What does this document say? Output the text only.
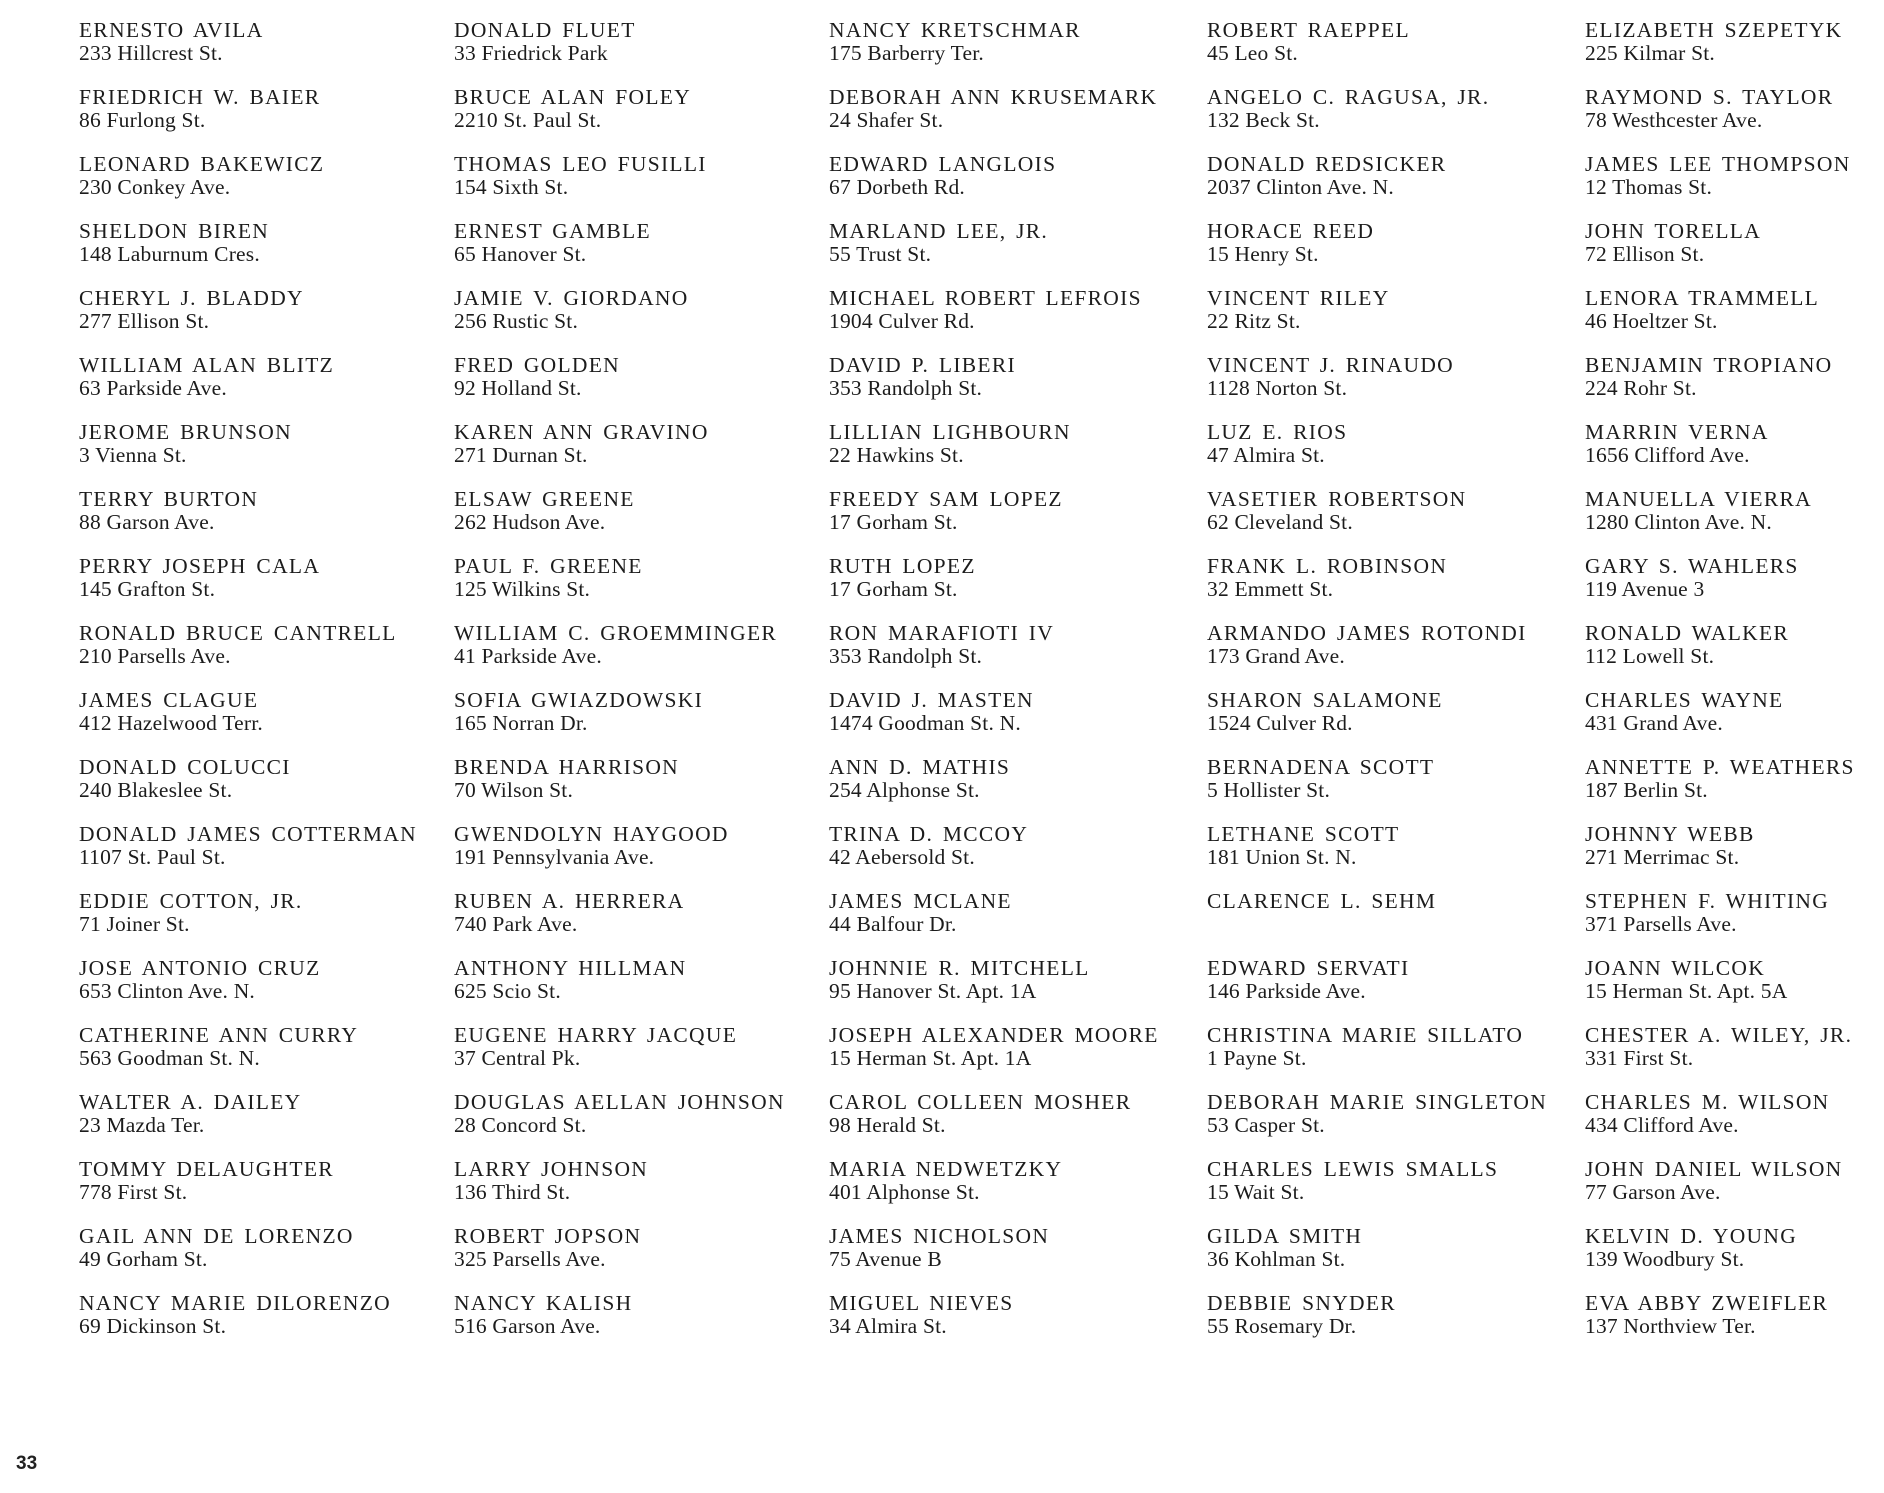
ERNESTO AVILA
233 Hillcrest St.
FRIEDRICH W. BAIER
86 Furlong St.
LEONARD BAKEWICZ
230 Conkey Ave.
SHELDON BIREN
148 Laburnum Cres.
CHERYL J. BLADDY
277 Ellison St.
WILLIAM ALAN BLITZ
63 Parkside Ave.
JEROME BRUNSON
3 Vienna St.
TERRY BURTON
88 Garson Ave.
PERRY JOSEPH CALA
145 Grafton St.
RONALD BRUCE CANTRELL
210 Parsells Ave.
JAMES CLAGUE
412 Hazelwood Terr.
DONALD COLUCCI
240 Blakeslee St.
DONALD JAMES COTTERMAN
1107 St. Paul St.
EDDIE COTTON, JR.
71 Joiner St.
JOSE ANTONIO CRUZ
653 Clinton Ave. N.
CATHERINE ANN CURRY
563 Goodman St. N.
WALTER A. DAILEY
23 Mazda Ter.
TOMMY DELAUGHTER
778 First St.
GAIL ANN DE LORENZO
49 Gorham St.
NANCY MARIE DILORENZO
69 Dickinson St.
DONALD FLUET
33 Friedrick Park
BRUCE ALAN FOLEY
2210 St. Paul St.
THOMAS LEO FUSILLI
154 Sixth St.
ERNEST GAMBLE
65 Hanover St.
JAMIE V. GIORDANO
256 Rustic St.
FRED GOLDEN
92 Holland St.
KAREN ANN GRAVINO
271 Durnan St.
ELSAW GREENE
262 Hudson Ave.
PAUL F. GREENE
125 Wilkins St.
WILLIAM C. GROEMMINGER
41 Parkside Ave.
SOFIA GWIAZDOWSKI
165 Norran Dr.
BRENDA HARRISON
70 Wilson St.
GWENDOLYN HAYGOOD
191 Pennsylvania Ave.
RUBEN A. HERRERA
740 Park Ave.
ANTHONY HILLMAN
625 Scio St.
EUGENE HARRY JACQUE
37 Central Pk.
DOUGLAS AELLAN JOHNSON
28 Concord St.
LARRY JOHNSON
136 Third St.
ROBERT JOPSON
325 Parsells Ave.
NANCY KALISH
516 Garson Ave.
NANCY KRETSCHMAR
175 Barberry Ter.
DEBORAH ANN KRUSEMARK
24 Shafer St.
EDWARD LANGLOIS
67 Dorbeth Rd.
MARLAND LEE, JR.
55 Trust St.
MICHAEL ROBERT LEFROIS
1904 Culver Rd.
DAVID P. LIBERI
353 Randolph St.
LILLIAN LIGHBOURN
22 Hawkins St.
FREEDY SAM LOPEZ
17 Gorham St.
RUTH LOPEZ
17 Gorham St.
RON MARAFIOTI IV
353 Randolph St.
DAVID J. MASTEN
1474 Goodman St. N.
ANN D. MATHIS
254 Alphonse St.
TRINA D. MCCOY
42 Aebersold St.
JAMES MCLANE
44 Balfour Dr.
JOHNNIE R. MITCHELL
95 Hanover St. Apt. 1A
JOSEPH ALEXANDER MOORE
15 Herman St. Apt. 1A
CAROL COLLEEN MOSHER
98 Herald St.
MARIA NEDWETZKY
401 Alphonse St.
JAMES NICHOLSON
75 Avenue B
MIGUEL NIEVES
34 Almira St.
ROBERT RAEPPEL
45 Leo St.
ANGELO C. RAGUSA, JR.
132 Beck St.
DONALD REDSICKER
2037 Clinton Ave. N.
HORACE REED
15 Henry St.
VINCENT RILEY
22 Ritz St.
VINCENT J. RINAUDO
1128 Norton St.
LUZ E. RIOS
47 Almira St.
VASETIER ROBERTSON
62 Cleveland St.
FRANK L. ROBINSON
32 Emmett St.
ARMANDO JAMES ROTONDI
173 Grand Ave.
SHARON SALAMONE
1524 Culver Rd.
BERNADENA SCOTT
5 Hollister St.
LETHANE SCOTT
181 Union St. N.
CLARENCE L. SEHM
EDWARD SERVATI
146 Parkside Ave.
CHRISTINA MARIE SILLATO
1 Payne St.
DEBORAH MARIE SINGLETON
53 Casper St.
CHARLES LEWIS SMALLS
15 Wait St.
GILDA SMITH
36 Kohlman St.
DEBBIE SNYDER
55 Rosemary Dr.
ELIZABETH SZEPETYK
225 Kilmar St.
RAYMOND S. TAYLOR
78 Westhcester Ave.
JAMES LEE THOMPSON
12 Thomas St.
JOHN TORELLA
72 Ellison St.
LENORA TRAMMELL
46 Hoeltzer St.
BENJAMIN TROPIANO
224 Rohr St.
MARRIN VERNA
1656 Clifford Ave.
MANUELLA VIERRA
1280 Clinton Ave. N.
GARY S. WAHLERS
119 Avenue 3
RONALD WALKER
112 Lowell St.
CHARLES WAYNE
431 Grand Ave.
ANNETTE P. WEATHERS
187 Berlin St.
JOHNNY WEBB
271 Merrimac St.
STEPHEN F. WHITING
371 Parsells Ave.
JOANN WILCOK
15 Herman St. Apt. 5A
CHESTER A. WILEY, JR.
331 First St.
CHARLES M. WILSON
434 Clifford Ave.
JOHN DANIEL WILSON
77 Garson Ave.
KELVIN D. YOUNG
139 Woodbury St.
EVA ABBY ZWEIFLER
137 Northview Ter.
33
